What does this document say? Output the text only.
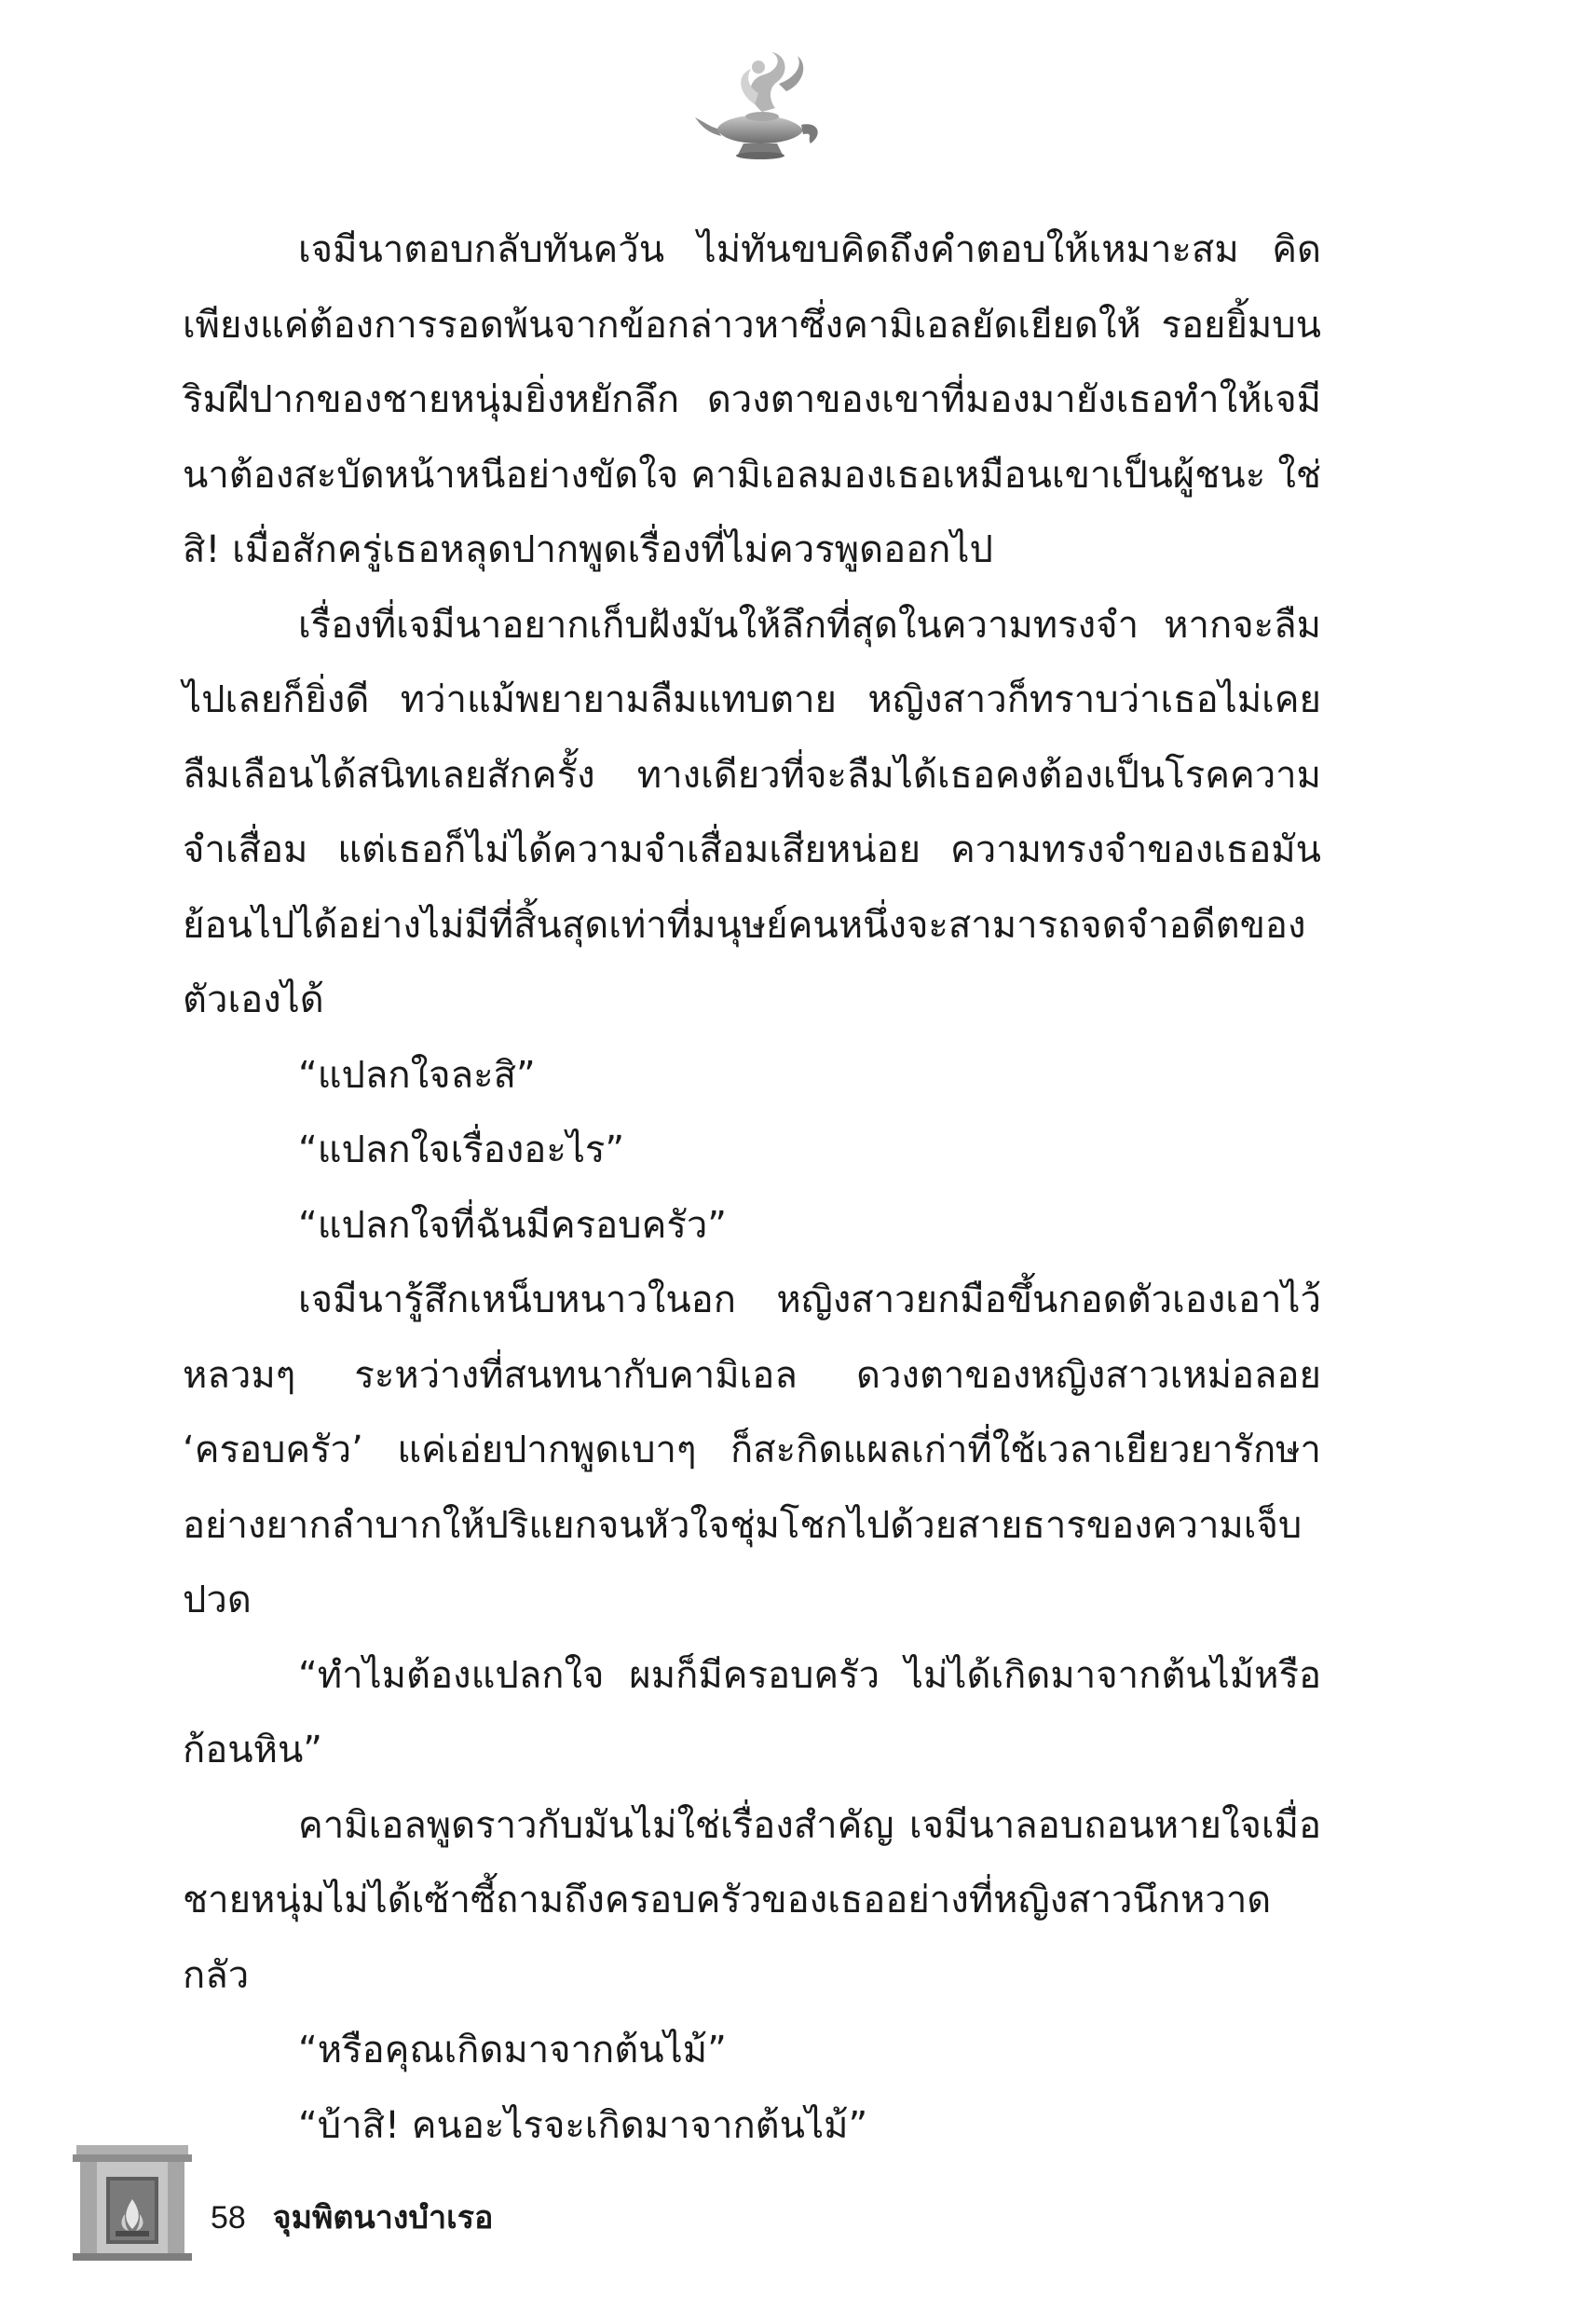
เจมีนาตอบกลับทันควัน ไม่ทันขบคิดถึงคำตอบให้เหมาะสม คิดเพียงแค่ต้องการรอดพ้นจากข้อกล่าวหาซึ่งคามิเอลยัดเยียดให้ รอยยิ้มบนริมฝีปากของชายหนุ่มยิ่งหยักลึก ดวงตาของเขาที่มองมายังเธอทำให้เจมีนาต้องสะบัดหน้าหนีอย่างขัดใจ คามิเอลมองเธอเหมือนเขาเป็นผู้ชนะ ใช่สิ! เมื่อสักครู่เธอหลุดปากพูดเรื่องที่ไม่ควรพูดออกไป

เรื่องที่เจมีนาอยากเก็บฝังมันให้ลึกที่สุดในความทรงจำ หากจะลืมไปเลยก็ยิ่งดี ทว่าแม้พยายามลืมแทบตาย หญิงสาวก็ทราบว่าเธอไม่เคยลืมเลือนได้สนิทเลยสักครั้ง ทางเดียวที่จะลืมได้เธอคงต้องเป็นโรคความจำเสื่อม แต่เธอก็ไม่ได้ความจำเสื่อมเสียหน่อย ความทรงจำของเธอมันย้อนไปได้อย่างไม่มีที่สิ้นสุดเท่าที่มนุษย์คนหนึ่งจะสามารถจดจำอดีตของตัวเองได้

“แปลกใจละสิ”

“แปลกใจเรื่องอะไร”

“แปลกใจที่ฉันมีครอบครัว”

เจมีนารู้สึกเหน็บหนาวในอก หญิงสาวยกมือขึ้นกอดตัวเองเอาไว้หลวมๆ ระหว่างที่สนทนากับคามิเอล ดวงตาของหญิงสาวเหม่อลอย ‘ครอบครัว’ แค่เอ่ยปากพูดเบาๆ ก็สะกิดแผลเก่าที่ใช้เวลาเยียวยารักษาอย่างยากลำบากให้ปริแยกจนหัวใจชุ่มโชกไปด้วยสายธารของความเจ็บปวด

“ทำไมต้องแปลกใจ ผมก็มีครอบครัว ไม่ได้เกิดมาจากต้นไม้หรือก้อนหิน”

คามิเอลพูดราวกับมันไม่ใช่เรื่องสำคัญ เจมีนาลอบถอนหายใจเมื่อชายหนุ่มไม่ได้เซ้าซี้ถามถึงครอบครัวของเธออย่างที่หญิงสาวนึกหวาดกลัว

“หรือคุณเกิดมาจากต้นไม้”

“บ้าสิ! คนอะไรจะเกิดมาจากต้นไม้”

58 จุมพิตนางบำเรอ
